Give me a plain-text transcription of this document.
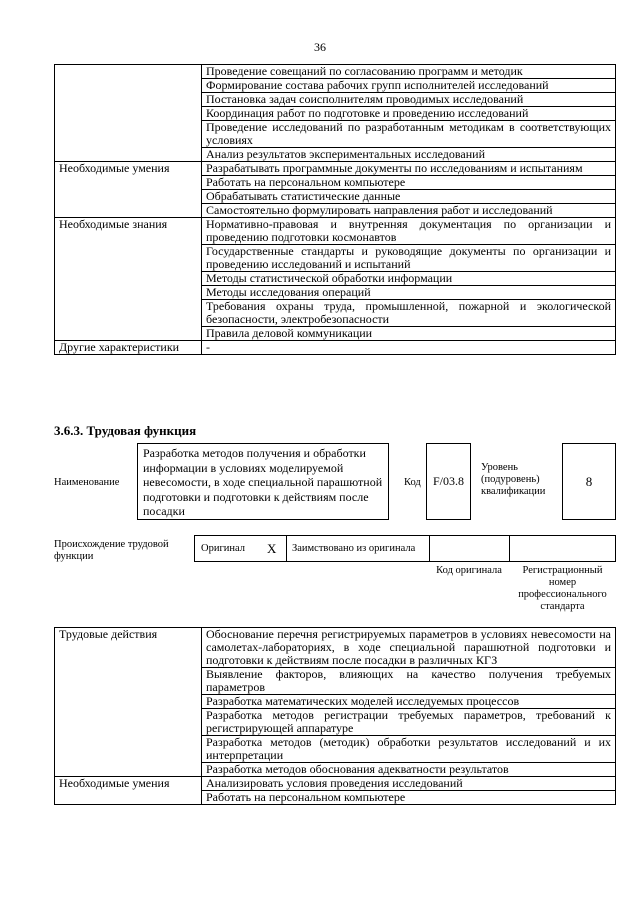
36
	Проведение совещаний по согласованию программ и методик
	Формирование состава рабочих групп исполнителей исследований
	Постановка задач соисполнителям проводимых исследований
	Координация работ по подготовке и проведению исследований
	Проведение исследований по разработанным методикам в соответствующих условиях
	Анализ результатов экспериментальных исследований
Необходимые умения	Разрабатывать программные документы по исследованиям и испытаниям
	Работать на персональном компьютере
	Обрабатывать статистические данные
	Самостоятельно формулировать направления работ и исследований
Необходимые знания	Нормативно-правовая и внутренняя документация по организации и проведению подготовки космонавтов
	Государственные стандарты и руководящие документы по организации и проведению исследований и испытаний
	Методы статистической обработки информации
	Методы исследования операций
	Требования охраны труда, промышленной, пожарной и экологической безопасности, электробезопасности
	Правила деловой коммуникации
Другие характеристики	-
3.6.3. Трудовая функция
Наименование
Разработка методов получения и обработки информации в условиях моделируемой невесомости, в ходе специальной парашютной подготовки и подготовки к действиям после посадки
Код F/03.8
Уровень (подуровень) квалификации
8
Происхождение трудовой функции
Оригинал X Заимствовано из оригинала
Код оригинала	Регистрационный номер профессионального стандарта
Трудовые действия	Обоснование перечня регистрируемых параметров в условиях невесомости на самолетах-лабораториях, в ходе специальной парашютной подготовки и подготовки к действиям после посадки в различных КГЗ
	Выявление факторов, влияющих на качество получения требуемых параметров
	Разработка математических моделей исследуемых процессов
	Разработка методов регистрации требуемых параметров, требований к регистрирующей аппаратуре
	Разработка методов (методик) обработки результатов исследований и их интерпретации
	Разработка методов обоснования адекватности результатов
Необходимые умения	Анализировать условия проведения исследований
	Работать на персональном компьютере
